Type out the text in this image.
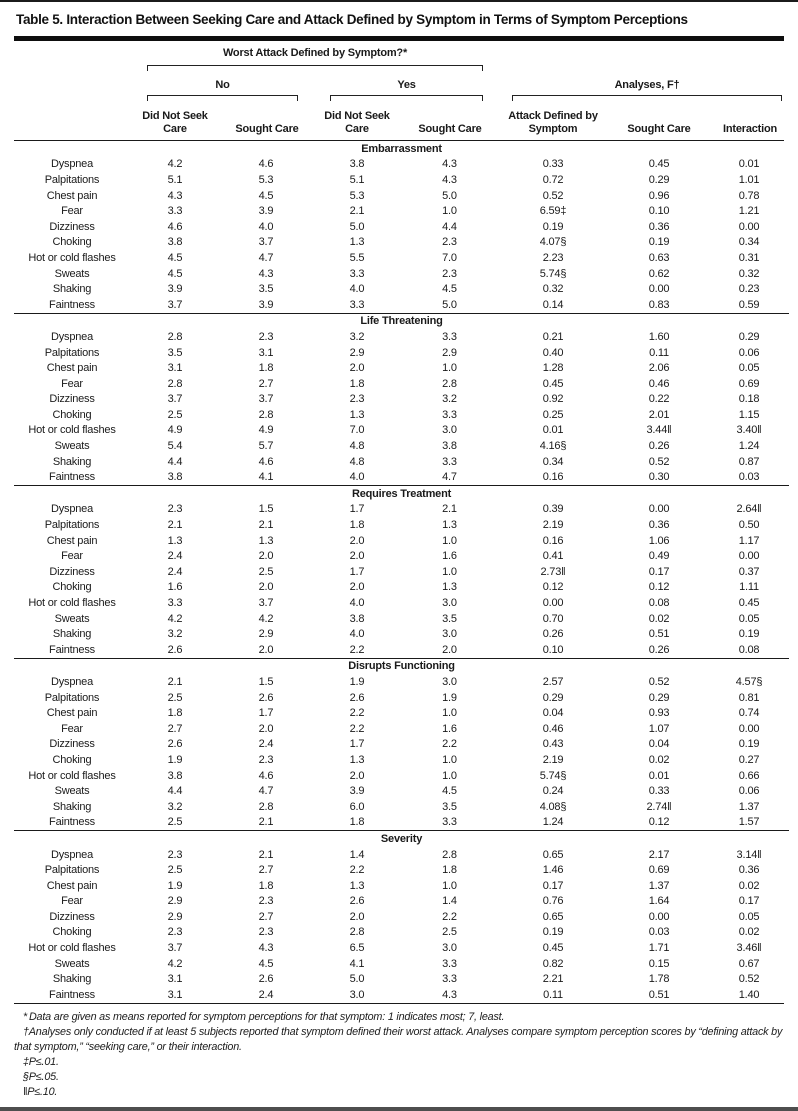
Table 5. Interaction Between Seeking Care and Attack Defined by Symptom in Terms of Symptom Perceptions
Worst Attack Defined by Symptom?*
No	Yes	Analyses, F†
Did Not Seek Care	Sought Care
Did Not Seek Care	Sought Care
Attack Defined by Symptom	Sought Care	Interaction
Embarrassment							
Dyspnea	4.2	4.6	3.8	4.3	0.33	0.45	0.01
Palpitations	5.1	5.3	5.1	4.3	0.72	0.29	1.01
Chest pain	4.3	4.5	5.3	5.0	0.52	0.96	0.78
Fear	3.3	3.9	2.1	1.0	6.59‡	0.10	1.21
Dizziness	4.6	4.0	5.0	4.4	0.19	0.36	0.00
Choking	3.8	3.7	1.3	2.3	4.07§	0.19	0.34
Hot or cold flashes	4.5	4.7	5.5	7.0	2.23	0.63	0.31
Sweats	4.5	4.3	3.3	2.3	5.74§	0.62	0.32
Shaking	3.9	3.5	4.0	4.5	0.32	0.00	0.23
Faintness	3.7	3.9	3.3	5.0	0.14	0.83	0.59
Life Threatening							
Dyspnea	2.8	2.3	3.2	3.3	0.21	1.60	0.29
Palpitations	3.5	3.1	2.9	2.9	0.40	0.11	0.06
Chest pain	3.1	1.8	2.0	1.0	1.28	2.06	0.05
Fear	2.8	2.7	1.8	2.8	0.45	0.46	0.69
Dizziness	3.7	3.7	2.3	3.2	0.92	0.22	0.18
Choking	2.5	2.8	1.3	3.3	0.25	2.01	1.15
Hot or cold flashes	4.9	4.9	7.0	3.0	0.01	3.44‖	3.40‖
Sweats	5.4	5.7	4.8	3.8	4.16§	0.26	1.24
Shaking	4.4	4.6	4.8	3.3	0.34	0.52	0.87
Faintness	3.8	4.1	4.0	4.7	0.16	0.30	0.03
Requires Treatment							
Dyspnea	2.3	1.5	1.7	2.1	0.39	0.00	2.64‖
Palpitations	2.1	2.1	1.8	1.3	2.19	0.36	0.50
Chest pain	1.3	1.3	2.0	1.0	0.16	1.06	1.17
Fear	2.4	2.0	2.0	1.6	0.41	0.49	0.00
Dizziness	2.4	2.5	1.7	1.0	2.73‖	0.17	0.37
Choking	1.6	2.0	2.0	1.3	0.12	0.12	1.11
Hot or cold flashes	3.3	3.7	4.0	3.0	0.00	0.08	0.45
Sweats	4.2	4.2	3.8	3.5	0.70	0.02	0.05
Shaking	3.2	2.9	4.0	3.0	0.26	0.51	0.19
Faintness	2.6	2.0	2.2	2.0	0.10	0.26	0.08
Disrupts Functioning							
Dyspnea	2.1	1.5	1.9	3.0	2.57	0.52	4.57§
Palpitations	2.5	2.6	2.6	1.9	0.29	0.29	0.81
Chest pain	1.8	1.7	2.2	1.0	0.04	0.93	0.74
Fear	2.7	2.0	2.2	1.6	0.46	1.07	0.00
Dizziness	2.6	2.4	1.7	2.2	0.43	0.04	0.19
Choking	1.9	2.3	1.3	1.0	2.19	0.02	0.27
Hot or cold flashes	3.8	4.6	2.0	1.0	5.74§	0.01	0.66
Sweats	4.4	4.7	3.9	4.5	0.24	0.33	0.06
Shaking	3.2	2.8	6.0	3.5	4.08§	2.74‖	1.37
Faintness	2.5	2.1	1.8	3.3	1.24	0.12	1.57
Severity							
Dyspnea	2.3	2.1	1.4	2.8	0.65	2.17	3.14‖
Palpitations	2.5	2.7	2.2	1.8	1.46	0.69	0.36
Chest pain	1.9	1.8	1.3	1.0	0.17	1.37	0.02
Fear	2.9	2.3	2.6	1.4	0.76	1.64	0.17
Dizziness	2.9	2.7	2.0	2.2	0.65	0.00	0.05
Choking	2.3	2.3	2.8	2.5	0.19	0.03	0.02
Hot or cold flashes	3.7	4.3	6.5	3.0	0.45	1.71	3.46‖
Sweats	4.2	4.5	4.1	3.3	0.82	0.15	0.67
Shaking	3.1	2.6	5.0	3.3	2.21	1.78	0.52
Faintness	3.1	2.4	3.0	4.3	0.11	0.51	1.40

* Data are given as means reported for symptom perceptions for that symptom: 1 indicates most; 7, least.

†Analyses only conducted if at least 5 subjects reported that symptom defined their worst attack. Analyses compare symptom perception scores by “defining attack by that symptom,” “seeking care,” or their interaction.

‡P≤.01.

§P≤.05.

‖P≤.10.
